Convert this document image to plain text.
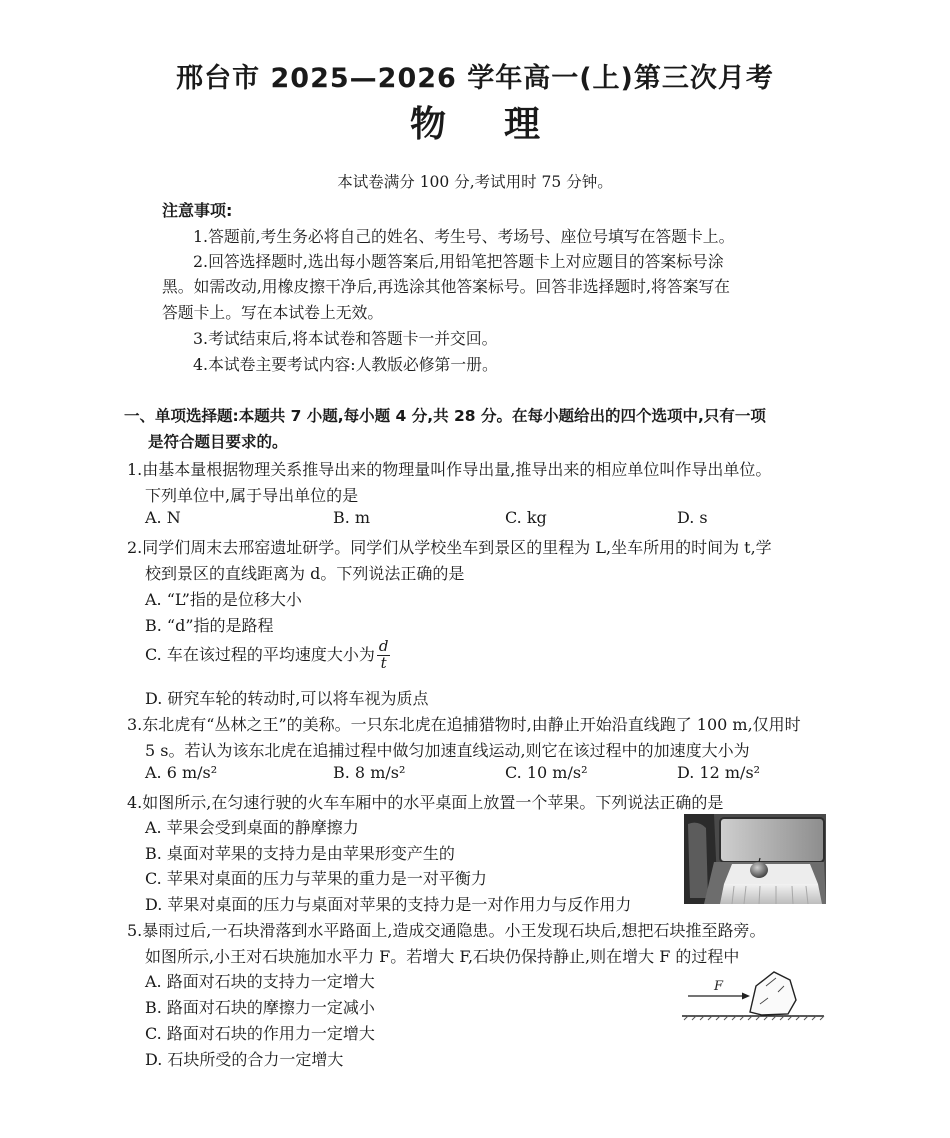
邢台市 2025—2026 学年高一(上)第三次月考
物 理
本试卷满分 100 分,考试用时 75 分钟。
注意事项:
1.答题前,考生务必将自己的姓名、考生号、考场号、座位号填写在答题卡上。
2.回答选择题时,选出每小题答案后,用铅笔把答题卡上对应题目的答案标号涂
黑。如需改动,用橡皮擦干净后,再选涂其他答案标号。回答非选择题时,将答案写在
答题卡上。写在本试卷上无效。
3.考试结束后,将本试卷和答题卡一并交回。
4.本试卷主要考试内容:人教版必修第一册。
一、单项选择题:本题共 7 小题,每小题 4 分,共 28 分。在每小题给出的四个选项中,只有一项
是符合题目要求的。
1.由基本量根据物理关系推导出来的物理量叫作导出量,推导出来的相应单位叫作导出单位。
下列单位中,属于导出单位的是
A. N	B. m	C. kg	D. s
2.同学们周末去邢窑遗址研学。同学们从学校坐车到景区的里程为 L,坐车所用的时间为 t,学
校到景区的直线距离为 d。下列说法正确的是
A. “L”指的是位移大小
B. “d”指的是路程
C. 车在该过程的平均速度大小为 $\frac{d}{t}$
D. 研究车轮的转动时,可以将车视为质点
3.东北虎有“丛林之王”的美称。一只东北虎在追捕猎物时,由静止开始沿直线跑了 100 m,仅用时
5 s。若认为该东北虎在追捕过程中做匀加速直线运动,则它在该过程中的加速度大小为
A. 6 m/s²	B. 8 m/s²	C. 10 m/s²	D. 12 m/s²
4.如图所示,在匀速行驶的火车车厢中的水平桌面上放置一个苹果。下列说法正确的是
A. 苹果会受到桌面的静摩擦力
B. 桌面对苹果的支持力是由苹果形变产生的
C. 苹果对桌面的压力与苹果的重力是一对平衡力
D. 苹果对桌面的压力与桌面对苹果的支持力是一对作用力与反作用力
5.暴雨过后,一石块滑落到水平路面上,造成交通隐患。小王发现石块后,想把石块推至路旁。
如图所示,小王对石块施加水平力 F。若增大 F,石块仍保持静止,则在增大 F 的过程中
A. 路面对石块的支持力一定增大
B. 路面对石块的摩擦力一定减小
C. 路面对石块的作用力一定增大
D. 石块所受的合力一定增大
F
